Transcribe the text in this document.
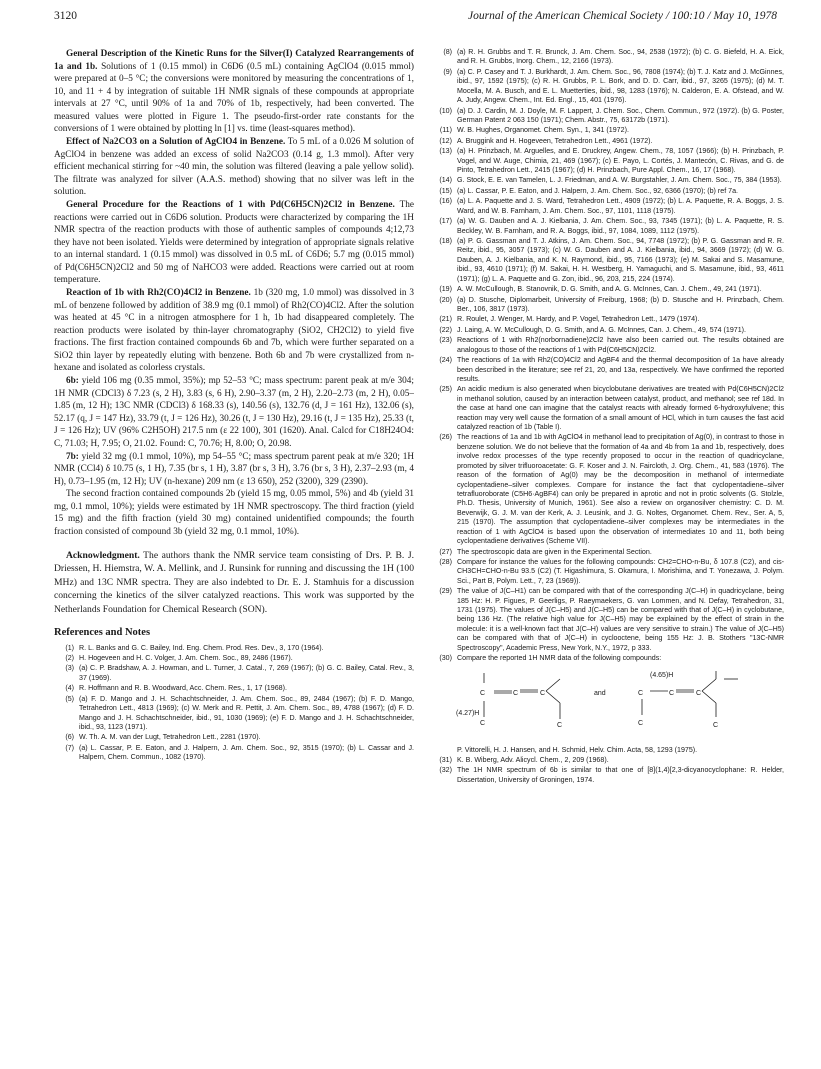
3120	Journal of the American Chemical Society / 100:10 / May 10, 1978

General Description of the Kinetic Runs for the Silver(I) Catalyzed Rearrangements of 1a and 1b. Solutions of 1 (0.15 mmol) in C6D6 (0.5 mL) containing AgClO4 (0.015 mmol) were prepared at 0–5 °C; the conversions were monitored by measuring the concentrations of 1, 10, and 11 + 4 by integration of suitable 1H NMR signals of these compounds at appropriate intervals at 27 °C, until 90% of 1a and 70% of 1b, respectively, had been converted. The measured values were plotted in Figure 1. The pseudo-first-order rate constants for the conversions of 1 were obtained by plotting ln [1] vs. time (least-squares method).

Effect of Na2CO3 on a Solution of AgClO4 in Benzene. To 5 mL of a 0.026 M solution of AgClO4 in benzene was added an excess of solid Na2CO3 (0.14 g, 1.3 mmol). After very efficient mechanical stirring for ~40 min, the solution was filtered (leaving a pale yellow solid). The filtrate was analyzed for silver (A.A.S. method) showing that no silver was left in the solution.

General Procedure for the Reactions of 1 with Pd(C6H5CN)2Cl2 in Benzene. The reactions were carried out in C6D6 solution. Products were characterized by comparing the 1H NMR spectra of the reaction products with those of authentic samples of compounds 4;12,73 they have not been isolated. Yields were determined by integration of appropriate signals relative to an internal standard. 1 (0.15 mmol) was dissolved in 0.5 mL of C6D6; 5.7 mg (0.015 mmol) of Pd(C6H5CN)2Cl2 and 50 mg of NaHCO3 were added. Reactions were carried out at room temperature.

Reaction of 1b with Rh2(CO)4Cl2 in Benzene. 1b (320 mg, 1.0 mmol) was dissolved in 3 mL of benzene followed by addition of 38.9 mg (0.1 mmol) of Rh2(CO)4Cl2. After the solution was heated at 45 °C in a nitrogen atmosphere for 1 h, 1b had disappeared completely. The reaction products were isolated by thin-layer chromatography (SiO2, CH2Cl2) to yield five fractions. The first fraction contained compounds 6b and 7b, which were further separated on a SiO2 thin layer by repeatedly eluting with benzene. Both 6b and 7b were crystallized from n-hexane and isolated as colorless crystals.

6b: yield 106 mg (0.35 mmol, 35%); mp 52–53 °C; mass spectrum: parent peak at m/e 304; 1H NMR (CDCl3) δ 7.23 (s, 2 H), 3.83 (s, 6 H), 2.90–3.37 (m, 2 H), 2.20–2.73 (m, 2 H), 0.05–1.85 (m, 12 H); 13C NMR (CDCl3) δ 168.33 (s), 140.56 (s), 132.76 (d, J = 161 Hz), 132.06 (s), 52.17 (q, J = 147 Hz), 33.79 (t, J = 126 Hz), 30.26 (t, J = 130 Hz), 29.16 (t, J = 135 Hz), 25.33 (t, J = 126 Hz); UV (96% C2H5OH) 217.5 nm (ε 22 100), 301 (1620). Anal. Calcd for C18H24O4: C, 71.03; H, 7.95; O, 21.02. Found: C, 70.76; H, 8.00; O, 20.98.

7b: yield 32 mg (0.1 mmol, 10%), mp 54–55 °C; mass spectrum parent peak at m/e 320; 1H NMR (CCl4) δ 10.75 (s, 1 H), 7.35 (br s, 1 H), 3.87 (br s, 3 H), 3.76 (br s, 3 H), 2.37–2.93 (m, 4 H), 0.73–1.95 (m, 12 H); UV (n-hexane) 209 nm (ε 13 650), 252 (3200), 329 (2390).

The second fraction contained compounds 2b (yield 15 mg, 0.05 mmol, 5%) and 4b (yield 31 mg, 0.1 mmol, 10%); yields were estimated by 1H NMR spectroscopy. The third fraction (yield 15 mg) and the fifth fraction (yield 30 mg) contained unidentified compounds; the fourth fraction consisted of compound 3b (yield 32 mg, 0.1 mmol, 10%).

Acknowledgment. The authors thank the NMR service team consisting of Drs. P. B. J. Driessen, H. Hiemstra, W. A. Mellink, and J. Runsink for running and discussing the 1H (100 MHz) and 13C NMR spectra. They are also indebted to Dr. E. J. Stamhuis for a discussion concerning the kinetics of the silver catalyzed reactions. This work was supported by the Netherlands Foundation for Chemical Research (SON).
References and Notes
(1) R. L. Banks and G. C. Bailey, Ind. Eng. Chem. Prod. Res. Dev., 3, 170 (1964).
(2) H. Hogeveen and H. C. Volger, J. Am. Chem. Soc., 89, 2486 (1967).
(3) (a) C. P. Bradshaw, A. J. Howman, and L. Turner, J. Catal., 7, 269 (1967); (b) G. C. Bailey, Catal. Rev., 3, 37 (1969).
(4) R. Hoffmann and R. B. Woodward, Acc. Chem. Res., 1, 17 (1968).
(5) (a) F. D. Mango and J. H. Schachtschneider, J. Am. Chem. Soc., 89, 2484 (1967); (b) F. D. Mango, Tetrahedron Lett., 4813 (1969); (c) W. Merk and R. Pettit, J. Am. Chem. Soc., 89, 4788 (1967); (d) F. D. Mango and J. H. Schachtschneider, ibid., 91, 1030 (1969); (e) F. D. Mango and J. H. Schachtschneider, ibid., 93, 1123 (1971).
(6) W. Th. A. M. van der Lugt, Tetrahedron Lett., 2281 (1970).
(7) (a) L. Cassar, P. E. Eaton, and J. Halpern, J. Am. Chem. Soc., 92, 3515 (1970); (b) L. Cassar and J. Halpern, Chem. Commun., 1082 (1970).
(8) (a) R. H. Grubbs and T. R. Brunck, J. Am. Chem. Soc., 94, 2538 (1972); (b) C. G. Biefeld, H. A. Eick, and R. H. Grubbs, Inorg. Chem., 12, 2166 (1973).
(9) (a) C. P. Casey and T. J. Burkhardt, J. Am. Chem. Soc., 96, 7808 (1974); (b) T. J. Katz and J. McGinnes, ibid., 97, 1592 (1975); (c) R. H. Grubbs, P. L. Bork, and D. D. Carr, ibid., 97, 3265 (1975); (d) M. T. Mocella, M. A. Busch, and E. L. Muetterties, ibid., 98, 1283 (1976); N. Calderon, E. A. Ofstead, and W. A. Judy, Angew. Chem., Int. Ed. Engl., 15, 401 (1976).
(10) (a) D. J. Cardin, M. J. Doyle, M. F. Lappert, J. Chem. Soc., Chem. Commun., 972 (1972). (b) G. Poster, German Patent 2 063 150 (1971); Chem. Abstr., 75, 63172b (1971).
(11) W. B. Hughes, Organomet. Chem. Syn., 1, 341 (1972).
(12) A. Bruggink and H. Hogeveen, Tetrahedron Lett., 4961 (1972).
(13) (a) H. Prinzbach, M. Arguelles, and E. Druckrey, Angew. Chem., 78, 1057 (1966); (b) H. Prinzbach, P. Vogel, and W. Auge, Chimia, 21, 469 (1967); (c) E. Payo, L. Cortés, J. Mantecón, C. Rivas, and G. de Pinto, Tetrahedron Lett., 2415 (1967); (d) H. Prinzbach, Pure Appl. Chem., 16, 17 (1968).
(14) G. Stock, E. E. van Tamelen, L. J. Friedman, and A. W. Burgstahler, J. Am. Chem. Soc., 75, 384 (1953).
(15) (a) L. Cassar, P. E. Eaton, and J. Halpern, J. Am. Chem. Soc., 92, 6366 (1970); (b) ref 7a.
(16) (a) L. A. Paquette and J. S. Ward, Tetrahedron Lett., 4909 (1972); (b) L. A. Paquette, R. A. Boggs, J. S. Ward, and W. B. Farnham, J. Am. Chem. Soc., 97, 1101, 1118 (1975).
(17) (a) W. G. Dauben and A. J. Kielbania, J. Am. Chem. Soc., 93, 7345 (1971); (b) L. A. Paquette, R. S. Beckley, W. B. Farnham, and R. A. Boggs, ibid., 97, 1084, 1089, 1112 (1975).
(18) (a) P. G. Gassman and T. J. Atkins, J. Am. Chem. Soc., 94, 7748 (1972); (b) P. G. Gassman and R. R. Reitz, ibid., 95, 3057 (1973); (c) W. G. Dauben and A. J. Kielbania, ibid., 94, 3669 (1972); (d) W. G. Dauben, A. J. Kielbania, and K. N. Raymond, ibid., 95, 7166 (1973); (e) M. Sakai and S. Masamune, ibid., 93, 4610 (1971); (f) M. Sakai, H. H. Westberg, H. Yamaguchi, and S. Masamune, ibid., 93, 4611 (1971); (g) L. A. Paquette and G. Zon, ibid., 96, 203, 215, 224 (1974).
(19) A. W. McCullough, B. Stanovnik, D. G. Smith, and A. G. McInnes, Can. J. Chem., 49, 241 (1971).
(20) (a) D. Stusche, Diplomarbeit, University of Freiburg, 1968; (b) D. Stusche and H. Prinzbach, Chem. Ber., 106, 3817 (1973).
(21) R. Roulet, J. Wenger, M. Hardy, and P. Vogel, Tetrahedron Lett., 1479 (1974).
(22) J. Laing, A. W. McCullough, D. G. Smith, and A. G. McInnes, Can. J. Chem., 49, 574 (1971).
(23) Reactions of 1 with Rh2(norbornadiene)2Cl2 have also been carried out. The results obtained are analogous to those of the reactions of 1 with Pd(C6H5CN)2Cl2.
(24) The reactions of 1a with Rh2(CO)4Cl2 and AgBF4 and the thermal decomposition of 1a have already been described in the literature; see ref 21, 20, and 13a, respectively. We have confirmed the reported results.
(25) An acidic medium is also generated when bicyclobutane derivatives are treated with Pd(C6H5CN)2Cl2 in methanol solution, caused by an interaction between catalyst, product, and methanol; see ref 18d. In the case at hand one can imagine that the catalyst reacts with already formed 6-hydroxyfulvene; this reaction may very well cause the formation of a small amount of HCl, which in turn causes the fast acid catalyzed reaction of 1b (Table I).
(26) The reactions of 1a and 1b with AgClO4 in methanol lead to precipitation of Ag(0), in contrast to those in benzene solution. We do not believe that the formation of 4a and 4b from 1a and 1b, respectively, does involve redox processes of the type recently proposed to occur in the reaction of quadricyclane, promoted by silver trifluoroacetate: G. F. Koser and J. N. Fairclоth, J. Org. Chem., 41, 583 (1976). The reason of the formation of Ag(0) may be the decomposition in methanol of intermediate cyclopentadiene–silver complexes. Compare for instance the fact that cyclopentadiene–silver tetrafluoroborate (C5H6·AgBF4) can only be prepared in aprotic and not in protic solvents (G. Stolzle, Ph.D. Thesis, University of Munich, 1961). See also a review on organosilver chemistry: C. D. M. Beverwijk, G. J. M. van der Kerk, A. J. Leusink, and J. G. Noltes, Organomet. Chem. Rev., Ser. A, 5, 215 (1970). The assumption that cyclopentadiene–silver complexes may be intermediates in the reaction of 1 with AgClO4 is based upon the observation of intermediates 10 and 11, both being cyclopentadiene derivatives (Scheme VII).
(27) The spectroscopic data are given in the Experimental Section.
(28) Compare for instance the values for the following compounds: CH2=CHO-n-Bu, δ 107.8 (C2), and cis-CH3CH=CHO-n-Bu 93.5 (C2) (T. Higashimura, S. Okamura, I. Morishima, and T. Yonezawa, J. Polym. Sci., Part B, Polym. Lett., 7, 23 (1969)).
(29) The value of J(C–H1) can be compared with that of the corresponding J(C–H) in quadricyclane, being 185 Hz: H. P. Figues, P. Geerligs, P. Raeymaekers, G. van Lommen, and N. Defay, Tetrahedron, 31, 1731 (1975). The values of J(C–H5) and J(C–H5) can be compared with that of J(C–H) in cyclobutane, being 136 Hz. (The relative high value for J(C–H5) may be explained by the effect of strain in the molecule: it is a well-known fact that J(C–H) values are very sensitive to strain.) The value of J(C–H5) can be compared with that of J(C–H) in cyclooctene, being 155 Hz: J. B. Stothers "13C-NMR Spectroscopy", Academic Press, New York, N.Y., 1972, p 333.
(30) Compare the reported 1H NMR data of the following compounds:
C	C	C
C
C
(4.27)H
and	C	C	C
C
C
(4.65)H
P. Vittorelli, H. J. Hansen, and H. Schmid, Helv. Chim. Acta, 58, 1293 (1975).
(31) K. B. Wiberg, Adv. Alicycl. Chem., 2, 209 (1968).
(32) The 1H NMR spectrum of 6b is similar to that one of [8](1,4)[2,3-dicyanocyclophane: R. Helder, Dissertation, University of Groningen, 1974.
